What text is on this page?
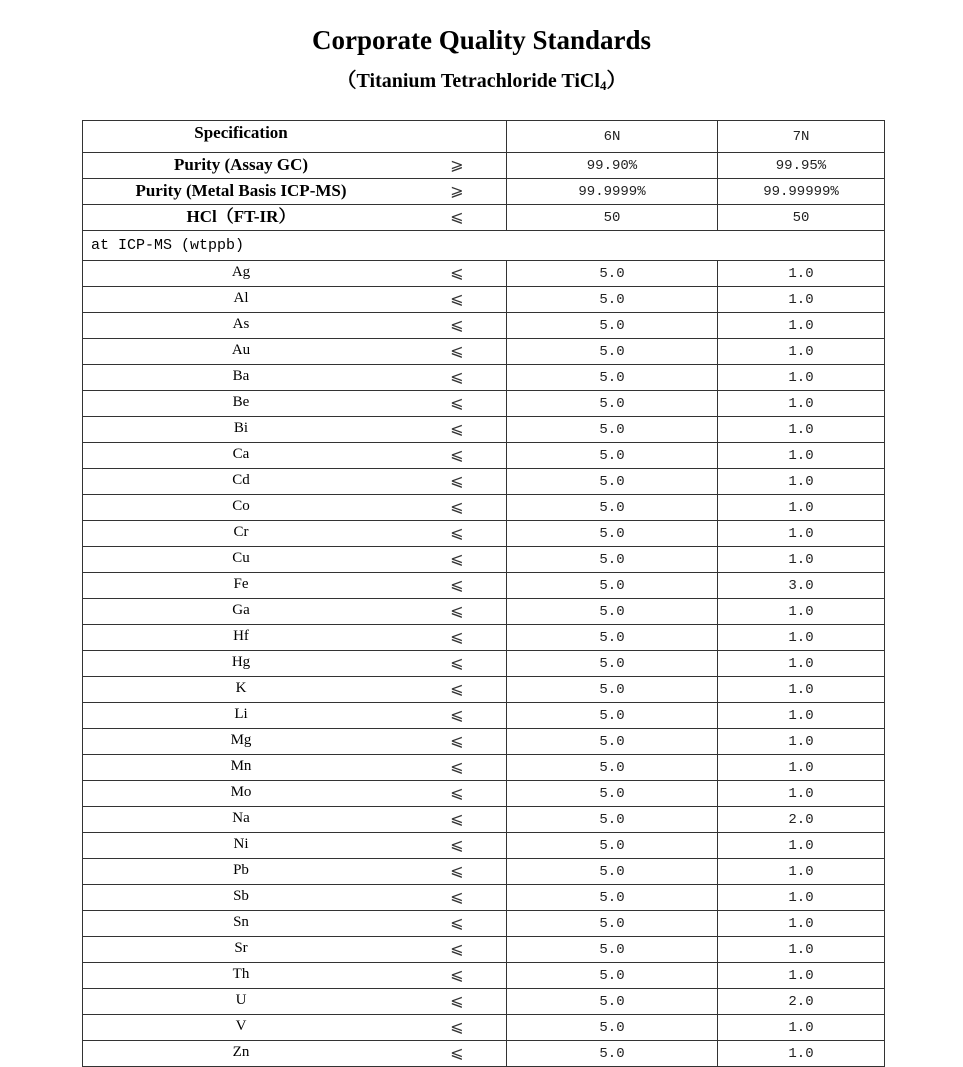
Corporate Quality Standards
（Titanium Tetrachloride TiCl$_4$）
Specification	6N	7N

Purity (Assay GC) ⩾	99.90%	99.95%

Purity (Metal Basis ICP-MS) ⩾	99.9999%	99.99999%

HCl（FT-IR） ⩽	50	50
at ICP-MS (wtppb)		

Ag ⩽	5.0	1.0

Al ⩽	5.0	1.0

As ⩽	5.0	1.0

Au ⩽	5.0	1.0

Ba ⩽	5.0	1.0

Be ⩽	5.0	1.0

Bi ⩽	5.0	1.0

Ca ⩽	5.0	1.0

Cd ⩽	5.0	1.0

Co ⩽	5.0	1.0

Cr ⩽	5.0	1.0

Cu ⩽	5.0	1.0

Fe ⩽	5.0	3.0

Ga ⩽	5.0	1.0

Hf ⩽	5.0	1.0

Hg ⩽	5.0	1.0

K ⩽	5.0	1.0

Li ⩽	5.0	1.0

Mg ⩽	5.0	1.0

Mn ⩽	5.0	1.0

Mo ⩽	5.0	1.0

Na ⩽	5.0	2.0

Ni ⩽	5.0	1.0

Pb ⩽	5.0	1.0

Sb ⩽	5.0	1.0

Sn ⩽	5.0	1.0

Sr ⩽	5.0	1.0

Th ⩽	5.0	1.0

U ⩽	5.0	2.0

V ⩽	5.0	1.0

Zn ⩽	5.0	1.0
